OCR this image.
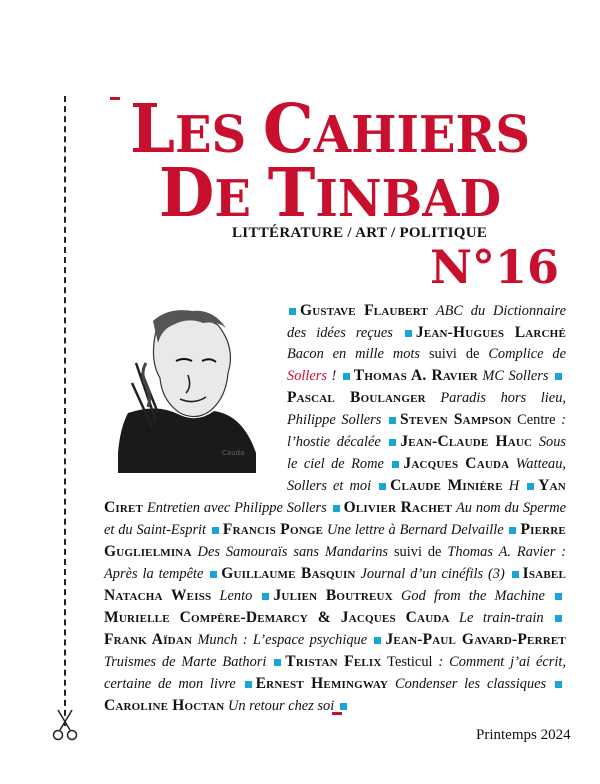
LES CAHIERS
DE TINBAD
LITTÉRATURE / ART / POLITIQUE
N°16
Cauda
Gustave Flaubert ABC du Dictionnaire des idées reçues Jean-Hugues Larché Bacon en mille mots suivi de Complice de Sollers ! Thomas A. Ravier MC Sollers Pascal Boulanger Paradis hors lieu, Philippe Sollers Steven Sampson Centre : l’hostie décalée Jean-Claude Hauc Sous le ciel de Rome Jacques Cauda Watteau, Sollers et moi Claude Minière H Yan Ciret Entretien avec Philippe Sollers Olivier Rachet Au nom du Sperme et du Saint-Esprit Francis Ponge Une lettre à Bernard Delvaille Pierre Guglielmina Des Samouraïs sans Mandarins suivi de Thomas A. Ravier : Après la tempête Guillaume Basquin Journal d’un cinéfils (3) Isabel Natacha Weiss Lento Julien Boutreux God from the Machine Murielle Compère-Demarcy & Jacques Cauda Le train-train Frank Aïdan Munch : L’espace psychique Jean-Paul Gavard-Perret Truismes de Marte Bathori Tristan Felix Testicul : Comment j’ai écrit, certaine de mon livre Ernest Hemingway Condenser les classiques Caroline Hoctan Un retour chez soi
Printemps 2024
